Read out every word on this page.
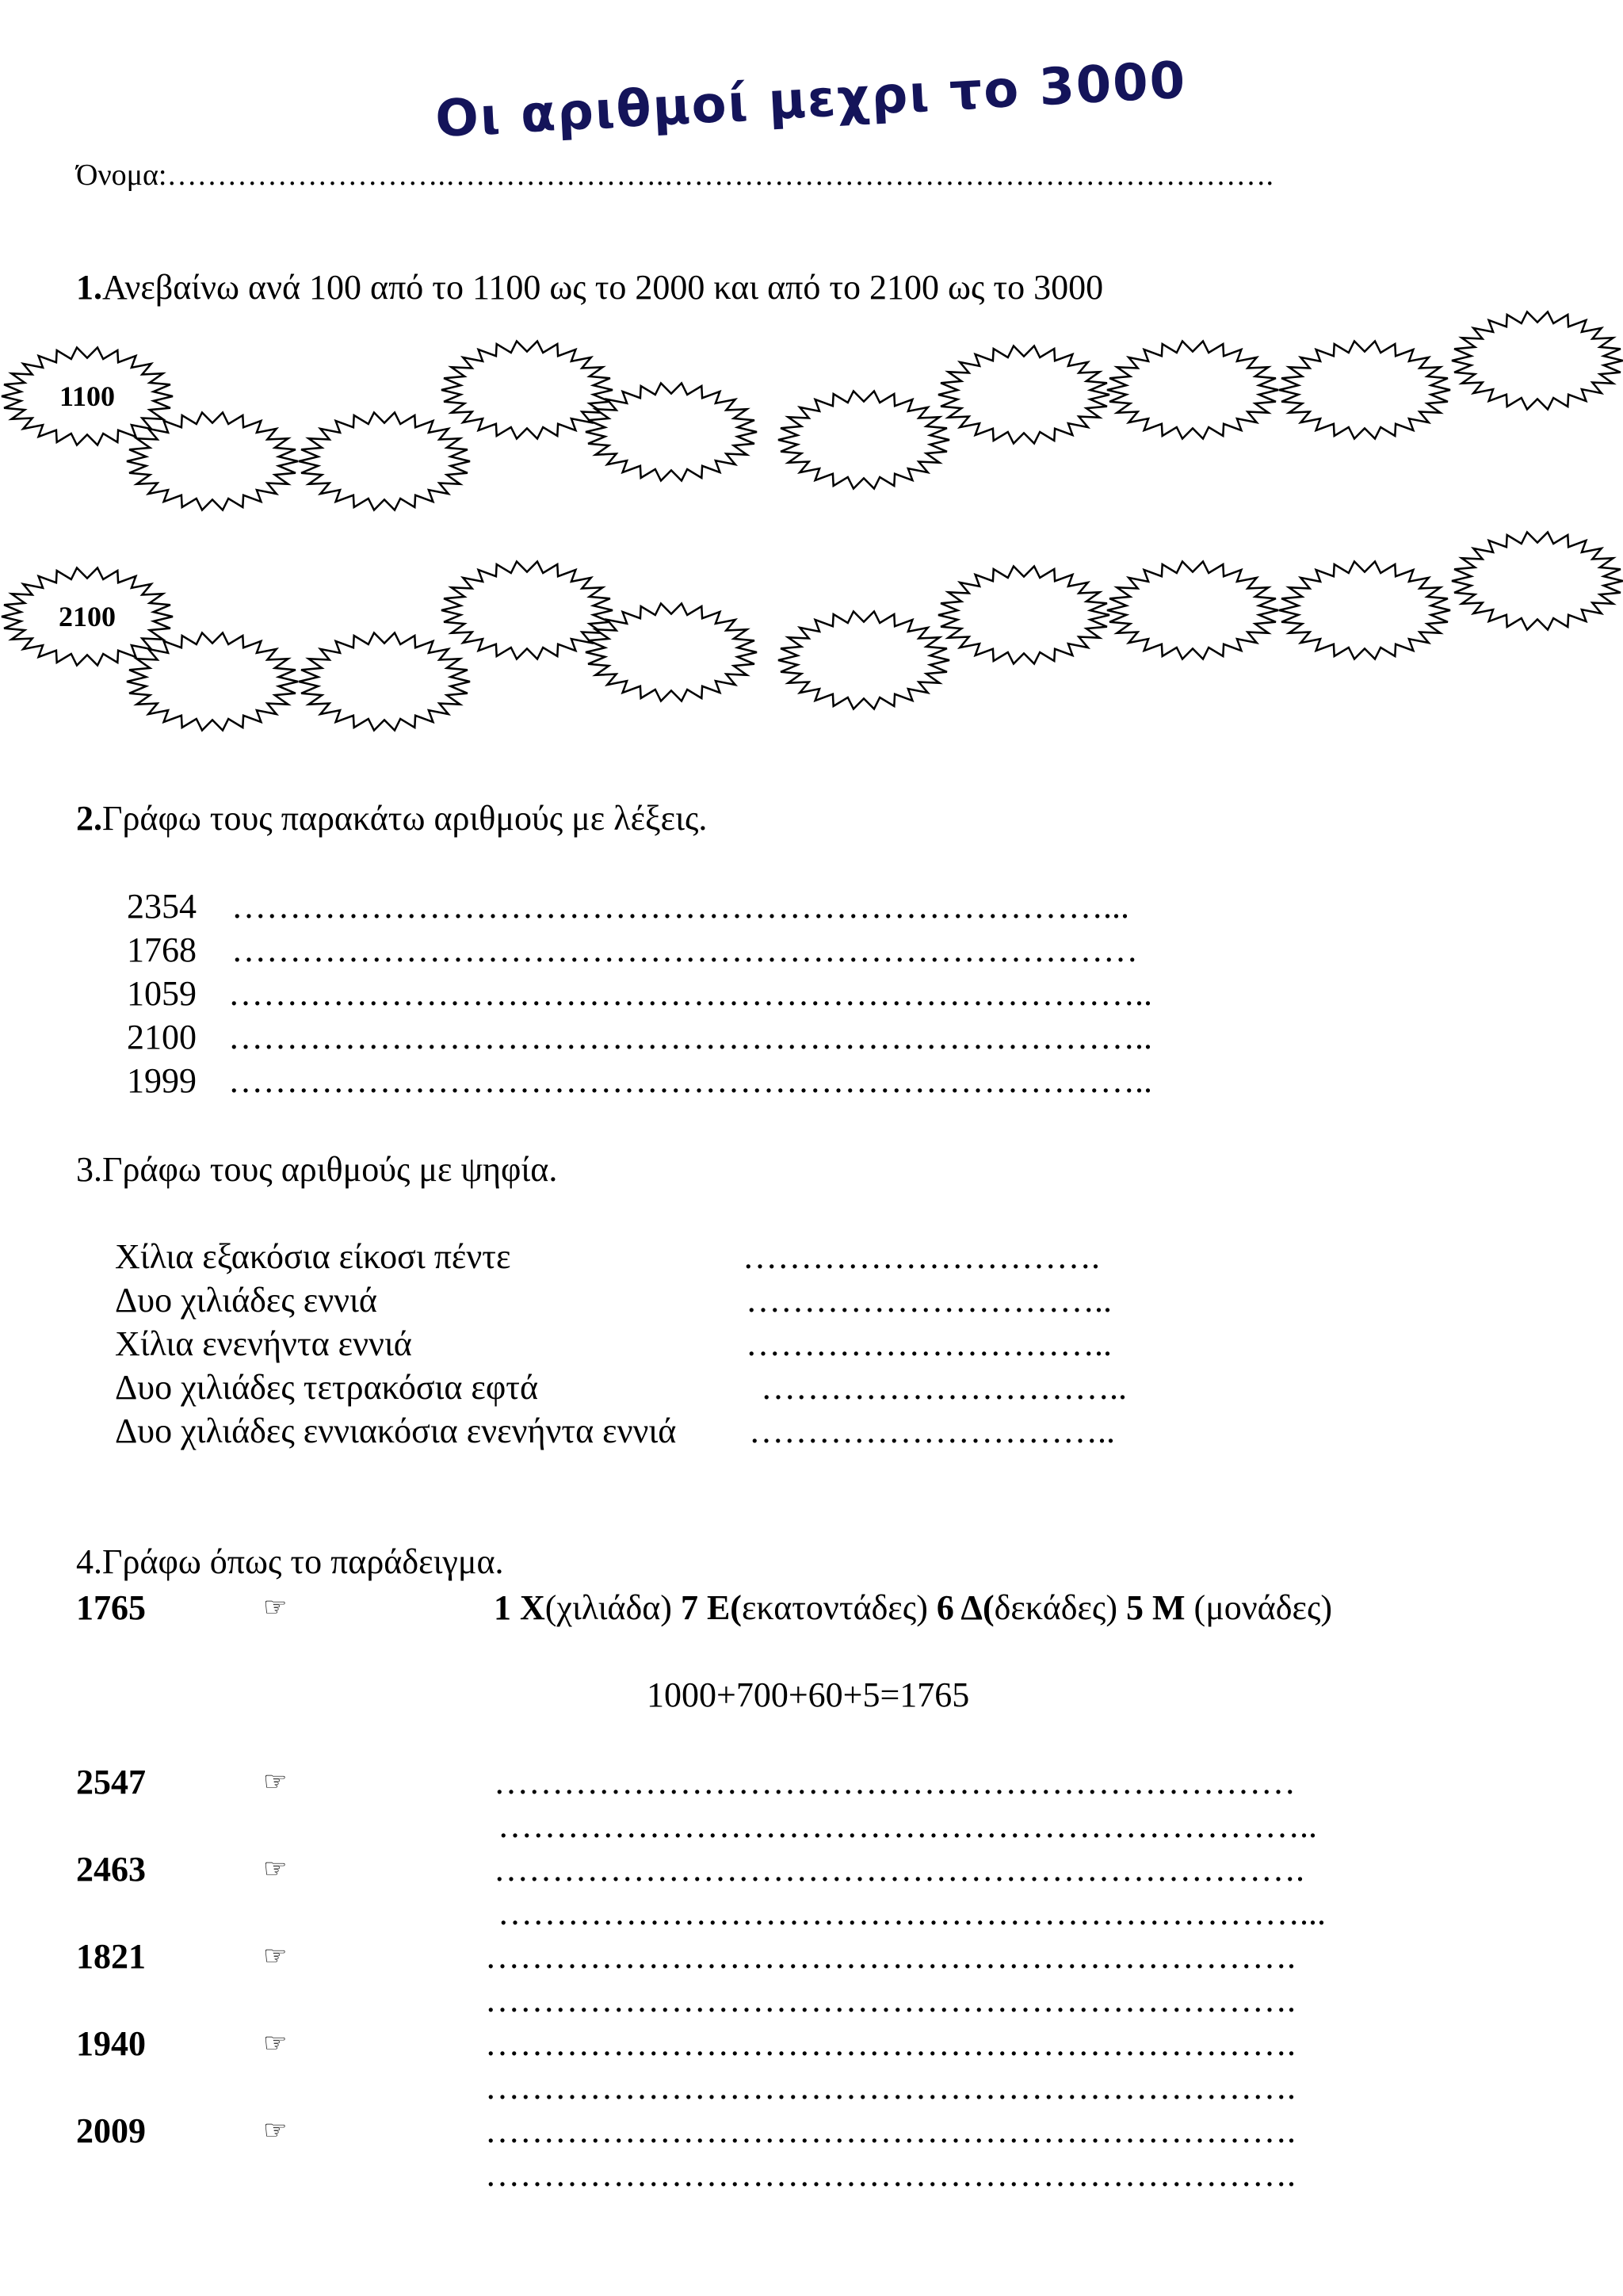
Οι αριθμοί μεχρι το 3000
Όνομα:……………………….………………….…………………………………………………….
1.Ανεβαίνω ανά 100 από το 1100 ως το 2000 και από το 2100 ως το 3000
1100
2100
2.Γράφω τους παρακάτω αριθμούς με λέξεις.
2354 …………………………………………………………………...
1768 ……………………………………………………………………
1059 ……………………………………………………………………..
2100 ……………………………………………………………………..
1999 ……………………………………………………………………..
3.Γράφω τους αριθμούς με ψηφία.
Χίλια εξακόσια είκοσι πέντε	………………………….
Δυο χιλιάδες εννιά	…………………………..
Χίλια ενενήντα εννιά	…………………………..
Δυο χιλιάδες τετρακόσια εφτά	…………………………..
Δυο χιλιάδες εννιακόσια ενενήντα εννιά …………………………..
4.Γράφω όπως το παράδειγμα.
1765	☞	1 Χ(χιλιάδα) 7 Ε(εκατοντάδες) 6 Δ(δεκάδες) 5 Μ (μονάδες)
1000+700+60+5=1765
2547	☞	……………………………………………………………
……………………………………………………………..
2463	☞	…………………………………………………………….
……………………………………………………………...
1821	☞	…………………………………………………………….
…………………………………………………………….
1940	☞	…………………………………………………………….
…………………………………………………………….
2009	☞	…………………………………………………………….
…………………………………………………………….
